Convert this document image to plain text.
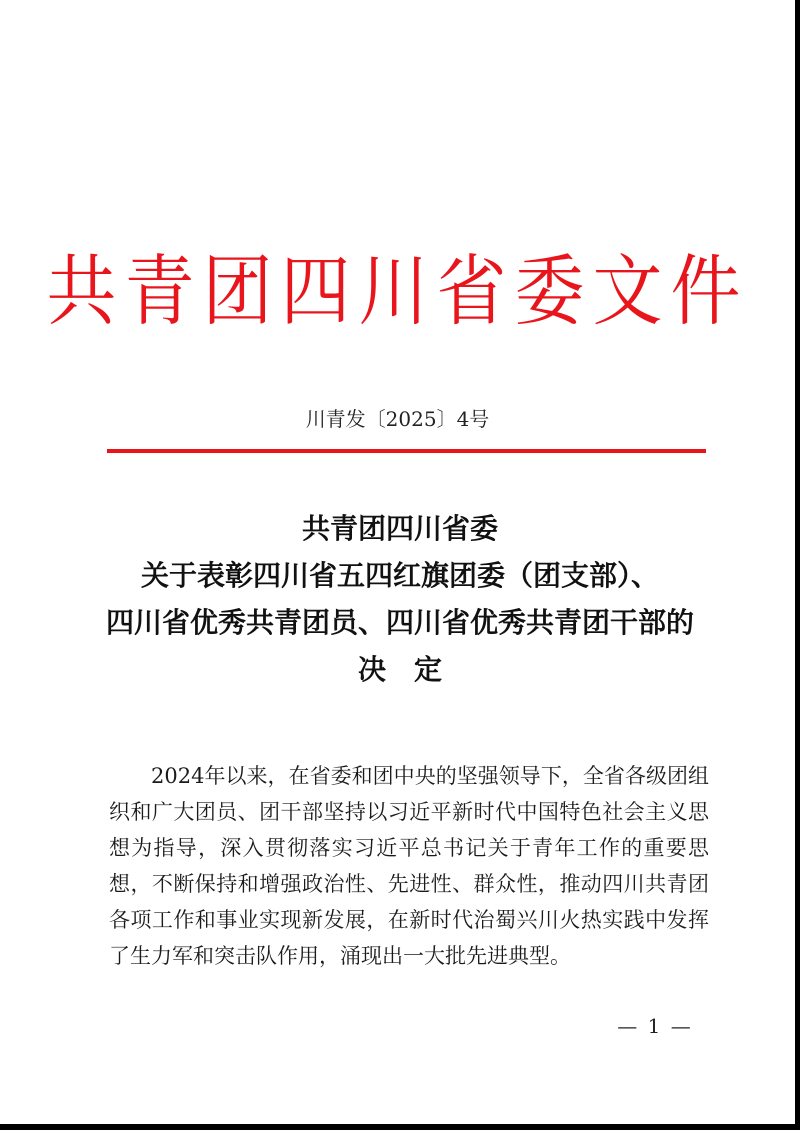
共青团四川省委文件
川青发〔2025〕4号
共青团四川省委
关于表彰四川省五四红旗团委（团支部）、
四川省优秀共青团员、四川省优秀共青团干部的
决定

2024年以来，在省委和团中央的坚强领导下，全省各级团组织和广大团员、团干部坚持以习近平新时代中国特色社会主义思想为指导，深入贯彻落实习近平总书记关于青年工作的重要思想，不断保持和增强政治性、先进性、群众性，推动四川共青团各项工作和事业实现新发展，在新时代治蜀兴川火热实践中发挥了生力军和突击队作用，涌现出一大批先进典型。

— 1 —
